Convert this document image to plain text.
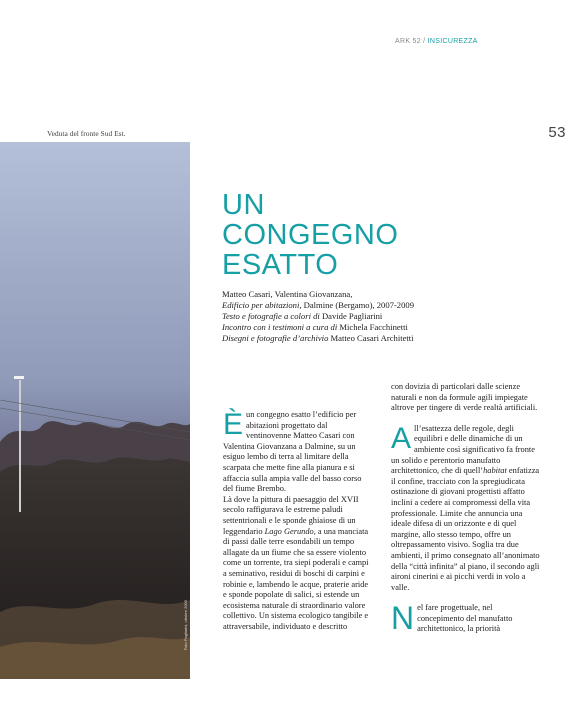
ARK 52 / INSICUREZZA
Veduta del fronte Sud Est.	53
Foto Pagliarini, ottobre 2009
UN
CONGEGNO
ESATTO
Matteo Casari, Valentina Giovanzana,
Edificio per abitazioni, Dalmine (Bergamo), 2007-2009
Testo e fotografie a colori di Davide Pagliarini
Incontro con i testimoni a cura di Michela Facchinetti
Disegni e fotografie d’archivio Matteo Casari Architetti

Èun congegno esatto l’edificio per abitazioni progettato dal ventinovenne Matteo Casari con Valentina Giovanzana a Dalmine, su un esiguo lembo di terra al limitare della scarpata che mette fine alla pianura e si affaccia sulla ampia valle del basso corso del fiume Brembo.

Là dove la pittura di paesaggio del XVII secolo raffigurava le estreme paludi settentrionali e le sponde ghiaiose di un leggendario Lago Gerundo, a una manciata di passi dalle terre esondabili un tempo allagate da un fiume che sa essere violento come un torrente, tra siepi poderali e campi a seminativo, residui di boschi di carpini e robinie e, lambendo le acque, praterie aride e sponde popolate di salici, si estende un ecosistema naturale di straordinario valore collettivo. Un sistema ecologico tangibile e attraversabile, individuato e descritto

con dovizia di particolari dalle scienze naturali e non da formule agili impiegate altrove per tingere di verde realtà artificiali.

All’esattezza delle regole, degli equilibri e delle dinamiche di un ambiente così significativo fa fronte un solido e perentorio manufatto architettonico, che di quell’habitat enfatizza il confine, tracciato con la spregiudicata ostinazione di giovani progettisti affatto inclini a cedere ai compromessi della vita professionale. Limite che annuncia una ideale difesa di un orizzonte e di quel margine, allo stesso tempo, offre un oltrepassamento visivo. Soglia tra due ambienti, il primo consegnato all’anonimato della “città infinita” al piano, il secondo agli aironi cinerini e ai picchi verdi in volo a valle.

Nel fare progettuale, nel concepimento del manufatto architettonico, la priorità
